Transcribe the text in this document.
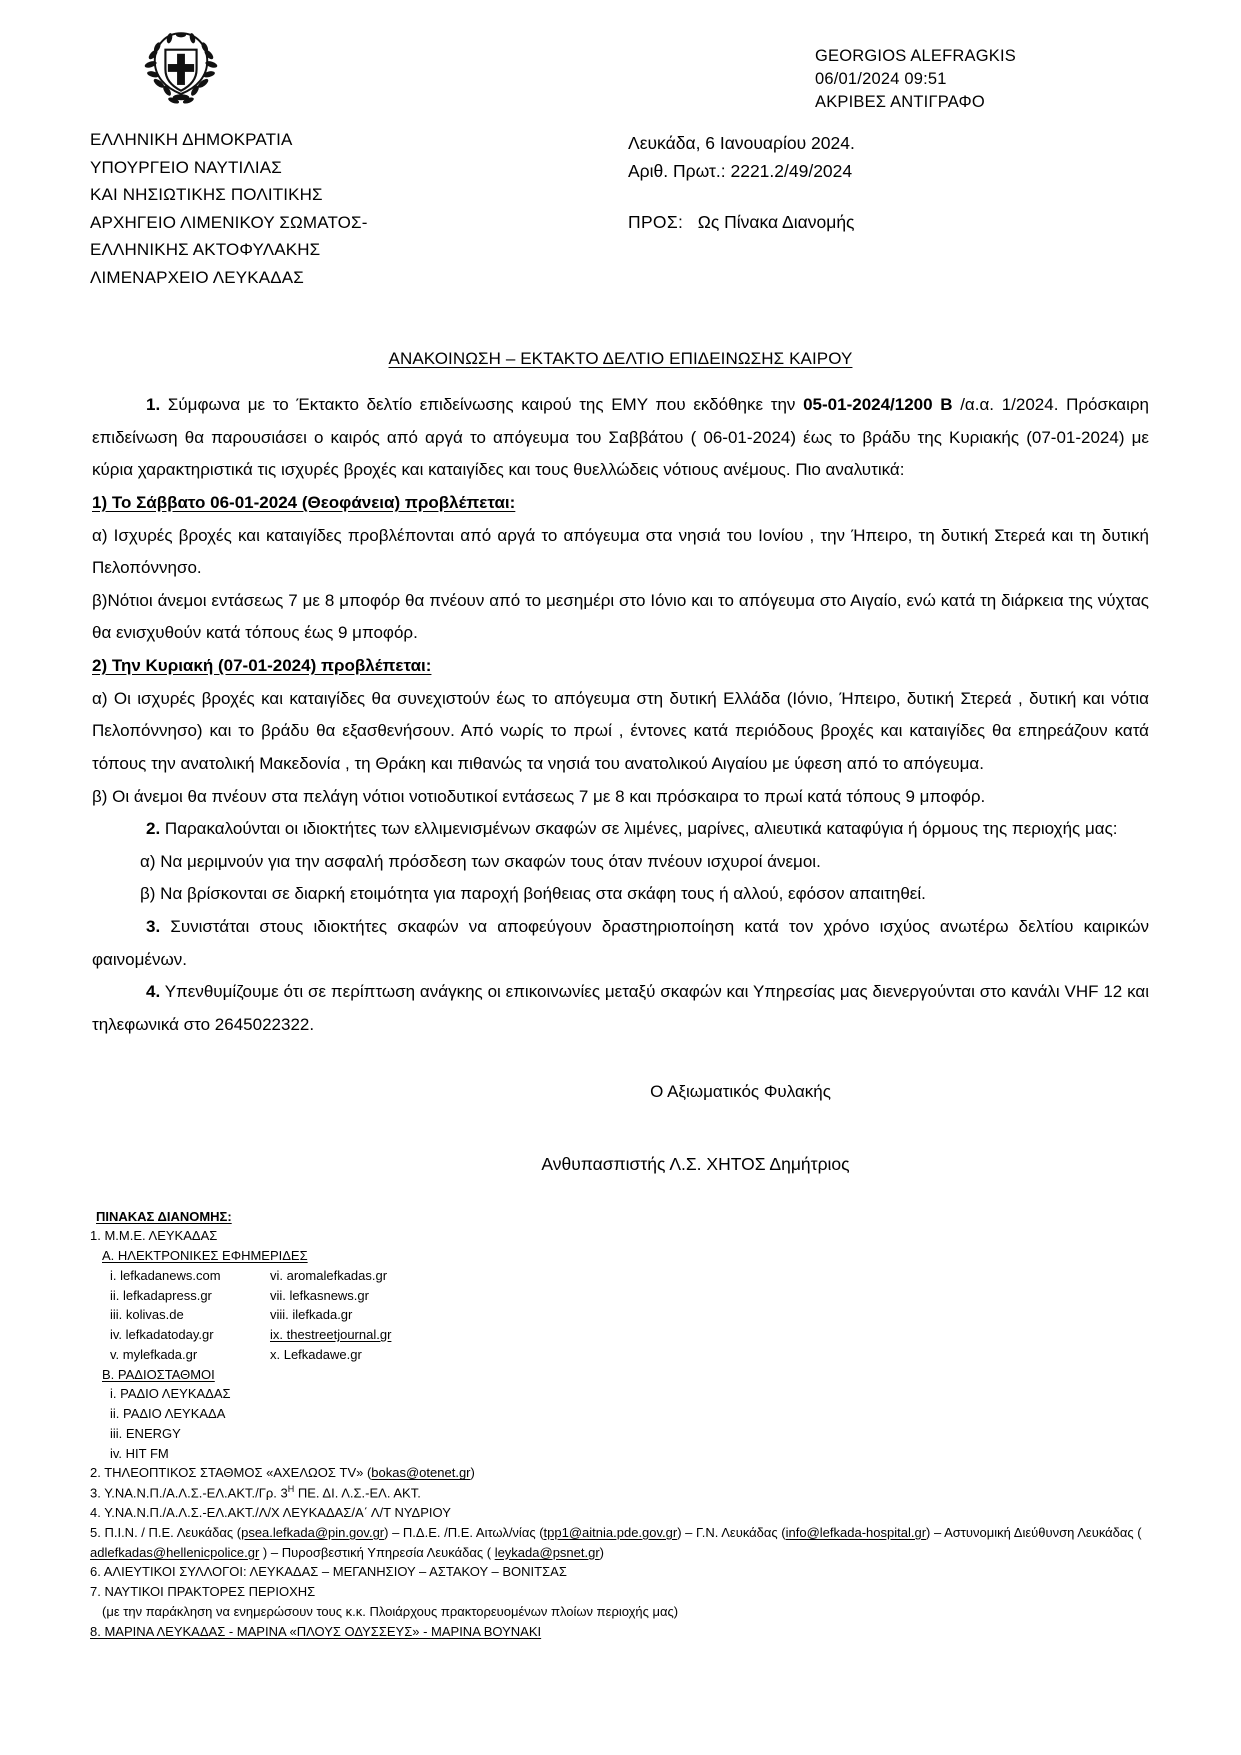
GEORGIOS ALEFRAGKIS
06/01/2024 09:51
ΑΚΡΙΒΕΣ ΑΝΤΙΓΡΑΦΟ
ΕΛΛΗΝΙΚΗ ΔΗΜΟΚΡΑΤΙΑ
ΥΠΟΥΡΓΕΙΟ ΝΑΥΤΙΛΙΑΣ
ΚΑΙ ΝΗΣΙΩΤΙΚΗΣ ΠΟΛΙΤΙΚΗΣ
ΑΡΧΗΓΕΙΟ ΛΙΜΕΝΙΚΟΥ ΣΩΜΑΤΟΣ-
ΕΛΛΗΝΙΚΗΣ ΑΚΤΟΦΥΛΑΚΗΣ
ΛΙΜΕΝΑΡΧΕΙΟ ΛΕΥΚΑΔΑΣ
Λευκάδα, 6 Ιανουαρίου 2024.
Αριθ. Πρωτ.: 2221.2/49/2024
ΠΡΟΣ: Ως Πίνακα Διανομής
ΑΝΑΚΟΙΝΩΣΗ – ΕΚΤΑΚΤΟ ΔΕΛΤΙΟ ΕΠΙΔΕΙΝΩΣΗΣ ΚΑΙΡΟΥ

1. Σύμφωνα με το Έκτακτο δελτίο επιδείνωσης καιρού της ΕΜΥ που εκδόθηκε την 05-01-2024/1200 Β /α.α. 1/2024. Πρόσκαιρη επιδείνωση θα παρουσιάσει ο καιρός από αργά το απόγευμα του Σαββάτου ( 06-01-2024) έως το βράδυ της Κυριακής (07-01-2024) με κύρια χαρακτηριστικά τις ισχυρές βροχές και καταιγίδες και τους θυελλώδεις νότιους ανέμους. Πιο αναλυτικά:

1) Το Σάββατο 06-01-2024 (Θεοφάνεια) προβλέπεται:

α) Ισχυρές βροχές και καταιγίδες προβλέπονται από αργά το απόγευμα στα νησιά του Ιονίου , την Ήπειρο, τη δυτική Στερεά και τη δυτική Πελοπόννησο.

β)Νότιοι άνεμοι εντάσεως 7 με 8 μποφόρ θα πνέουν από το μεσημέρι στο Ιόνιο και το απόγευμα στο Αιγαίο, ενώ κατά τη διάρκεια της νύχτας θα ενισχυθούν κατά τόπους έως 9 μποφόρ.

2) Την Κυριακή (07-01-2024) προβλέπεται:

α) Οι ισχυρές βροχές και καταιγίδες θα συνεχιστούν έως το απόγευμα στη δυτική Ελλάδα (Ιόνιο, Ήπειρο, δυτική Στερεά , δυτική και νότια Πελοπόννησο) και το βράδυ θα εξασθενήσουν. Από νωρίς το πρωί , έντονες κατά περιόδους βροχές και καταιγίδες θα επηρεάζουν κατά τόπους την ανατολική Μακεδονία , τη Θράκη και πιθανώς τα νησιά του ανατολικού Αιγαίου με ύφεση από το απόγευμα.

β) Οι άνεμοι θα πνέουν στα πελάγη νότιοι νοτιοδυτικοί εντάσεως 7 με 8 και πρόσκαιρα το πρωί κατά τόπους 9 μποφόρ.

2. Παρακαλούνται οι ιδιοκτήτες των ελλιμενισμένων σκαφών σε λιμένες, μαρίνες, αλιευτικά καταφύγια ή όρμους της περιοχής μας:

α) Να μεριμνούν για την ασφαλή πρόσδεση των σκαφών τους όταν πνέουν ισχυροί άνεμοι.

β) Να βρίσκονται σε διαρκή ετοιμότητα για παροχή βοήθειας στα σκάφη τους ή αλλού, εφόσον απαιτηθεί.

3. Συνιστάται στους ιδιοκτήτες σκαφών να αποφεύγουν δραστηριοποίηση κατά τον χρόνο ισχύος ανωτέρω δελτίου καιρικών φαινομένων.

4. Υπενθυμίζουμε ότι σε περίπτωση ανάγκης οι επικοινωνίες μεταξύ σκαφών και Υπηρεσίας μας διενεργούνται στο κανάλι VHF 12 και τηλεφωνικά στο 2645022322.

Ο Αξιωματικός Φυλακής
Ανθυπασπιστής Λ.Σ. ΧΗΤΟΣ Δημήτριος
ΠΙΝΑΚΑΣ ΔΙΑΝΟΜΗΣ:
1. Μ.Μ.Ε. ΛΕΥΚΑΔΑΣ
Α. ΗΛΕΚΤΡΟΝΙΚΕΣ ΕΦΗΜΕΡΙΔΕΣ
i. lefkadanews.com
ii. lefkadapress.gr
iii. kolivas.de
iv. lefkadatoday.gr
v. mylefkada.gr
vi. aromalefkadas.gr
vii. lefkasnews.gr
viii. ilefkada.gr
ix. thestreetjournal.gr
x. Lefkadawe.gr
Β. ΡΑΔΙΟΣΤΑΘΜΟΙ
i. ΡΑΔΙΟ ΛΕΥΚΑΔΑΣ
ii. ΡΑΔΙΟ ΛΕΥΚΑΔΑ
iii. ENERGY
iv. HIT FM
2. ΤΗΛΕΟΠΤΙΚΟΣ ΣΤΑΘΜΟΣ «ΑΧΕΛΩΟΣ TV» (bokas@otenet.gr)
3. Υ.ΝΑ.Ν.Π./Α.Λ.Σ.-ΕΛ.ΑΚΤ./Γρ. $3^H$ ΠΕ. ΔΙ. Λ.Σ.-ΕΛ. ΑΚΤ.
4. Υ.ΝΑ.Ν.Π./Α.Λ.Σ.-ΕΛ.ΑΚΤ./Λ/Χ ΛΕΥΚΑΔΑΣ/Α΄ Λ/Τ ΝΥΔΡΙΟΥ
5. Π.Ι.Ν. / Π.Ε. Λευκάδας (psea.lefkada@pin.gov.gr) – Π.Δ.Ε. /Π.Ε. Αιτωλ/νίας (tpp1@aitnia.pde.gov.gr) – Γ.Ν. Λευκάδας (info@lefkada-hospital.gr) – Αστυνομική Διεύθυνση Λευκάδας ( adlefkadas@hellenicpolice.gr ) – Πυροσβεστική Υπηρεσία Λευκάδας ( leykada@psnet.gr)
6. ΑΛΙΕΥΤΙΚΟΙ ΣΥΛΛΟΓΟΙ: ΛΕΥΚΑΔΑΣ – ΜΕΓΑΝΗΣΙΟΥ – ΑΣΤΑΚΟΥ – ΒΟΝΙΤΣΑΣ
7. ΝΑΥΤΙΚΟΙ ΠΡΑΚΤΟΡΕΣ ΠΕΡΙΟΧΗΣ
(με την παράκληση να ενημερώσουν τους κ.κ. Πλοιάρχους πρακτορευομένων πλοίων περιοχής μας)
8. ΜΑΡΙΝΑ ΛΕΥΚΑΔΑΣ - ΜΑΡΙΝΑ «ΠΛΟΥΣ ΟΔΥΣΣΕΥΣ» - ΜΑΡΙΝΑ ΒΟΥΝΑΚΙ
